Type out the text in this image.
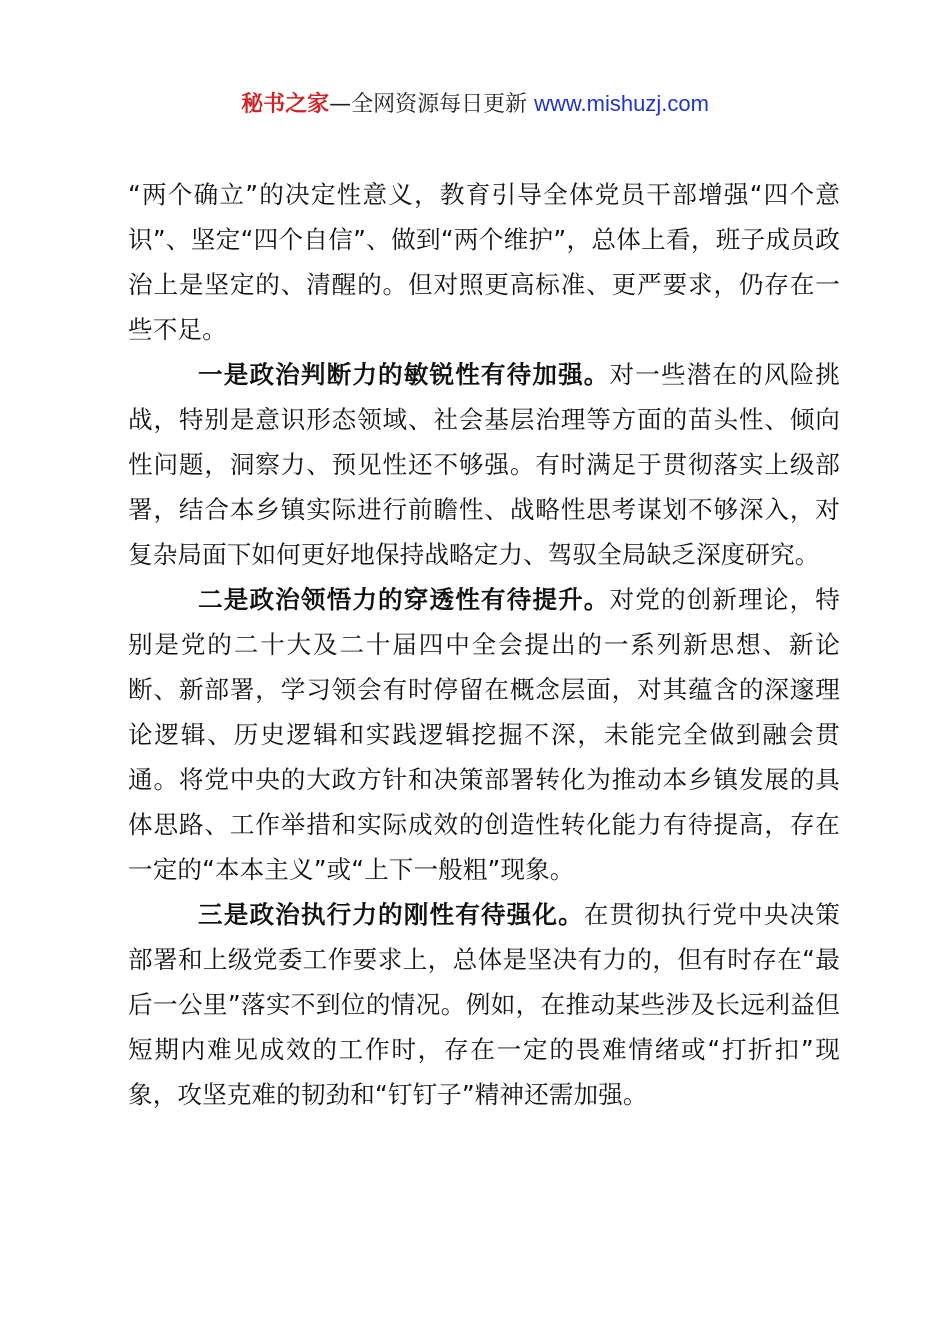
秘书之家—全网资源每日更新 www.mishuzj.com

“两个确立”的决定性意义，教育引导全体党员干部增强“四个意识”、坚定“四个自信”、做到“两个维护”，总体上看，班子成员政治上是坚定的、清醒的。但对照更高标准、更严要求，仍存在一些不足。

一是政治判断力的敏锐性有待加强。对一些潜在的风险挑战，特别是意识形态领域、社会基层治理等方面的苗头性、倾向性问题，洞察力、预见性还不够强。有时满足于贯彻落实上级部署，结合本乡镇实际进行前瞻性、战略性思考谋划不够深入，对复杂局面下如何更好地保持战略定力、驾驭全局缺乏深度研究。

二是政治领悟力的穿透性有待提升。对党的创新理论，特别是党的二十大及二十届四中全会提出的一系列新思想、新论断、新部署，学习领会有时停留在概念层面，对其蕴含的深邃理论逻辑、历史逻辑和实践逻辑挖掘不深，未能完全做到融会贯通。将党中央的大政方针和决策部署转化为推动本乡镇发展的具体思路、工作举措和实际成效的创造性转化能力有待提高，存在一定的“本本主义”或“上下一般粗”现象。

三是政治执行力的刚性有待强化。在贯彻执行党中央决策部署和上级党委工作要求上，总体是坚决有力的，但有时存在“最后一公里”落实不到位的情况。例如，在推动某些涉及长远利益但短期内难见成效的工作时，存在一定的畏难情绪或“打折扣”现象，攻坚克难的韧劲和“钉钉子”精神还需加强。
